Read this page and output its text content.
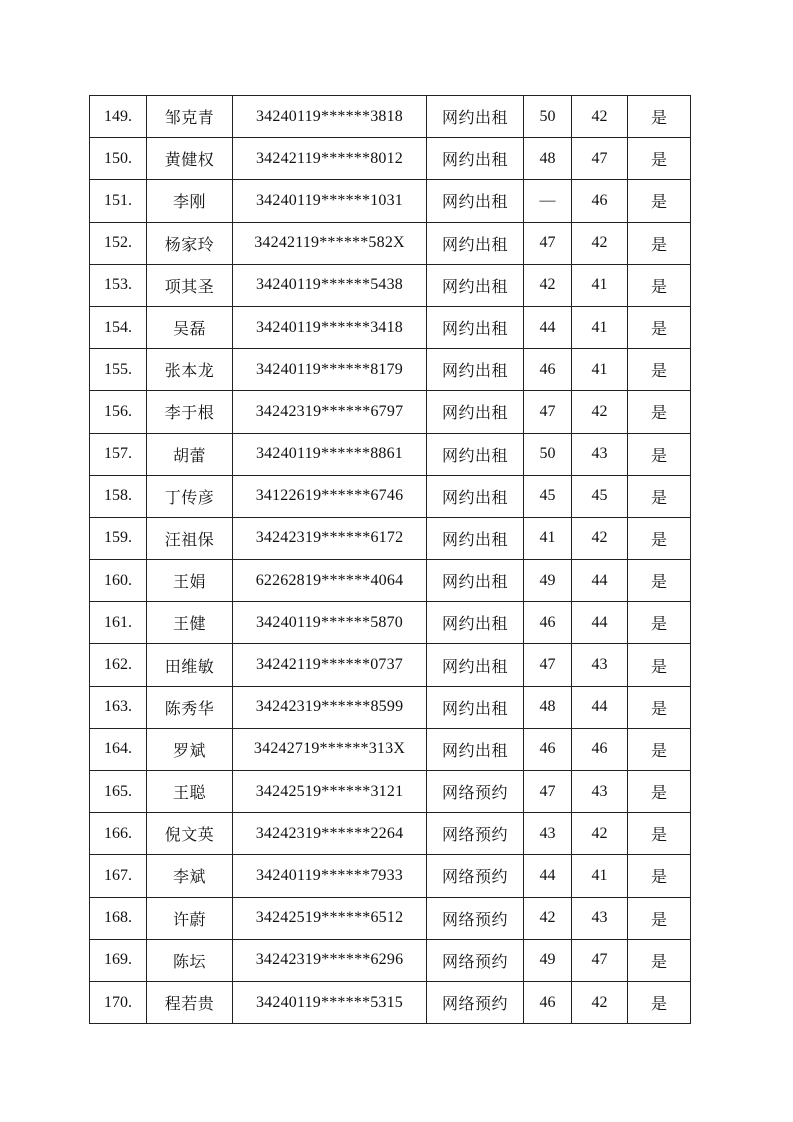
149.	邹克青	34240119******3818	网约出租	50	42	是
150.	黄健权	34242119******8012	网约出租	48	47	是
151.	李刚	34240119******1031	网约出租	—	46	是
152.	杨家玲	34242119******582X	网约出租	47	42	是
153.	项其圣	34240119******5438	网约出租	42	41	是
154.	吴磊	34240119******3418	网约出租	44	41	是
155.	张本龙	34240119******8179	网约出租	46	41	是
156.	李于根	34242319******6797	网约出租	47	42	是
157.	胡蕾	34240119******8861	网约出租	50	43	是
158.	丁传彦	34122619******6746	网约出租	45	45	是
159.	汪祖保	34242319******6172	网约出租	41	42	是
160.	王娟	62262819******4064	网约出租	49	44	是
161.	王健	34240119******5870	网约出租	46	44	是
162.	田维敏	34242119******0737	网约出租	47	43	是
163.	陈秀华	34242319******8599	网约出租	48	44	是
164.	罗斌	34242719******313X	网约出租	46	46	是
165.	王聪	34242519******3121	网络预约	47	43	是
166.	倪文英	34242319******2264	网络预约	43	42	是
167.	李斌	34240119******7933	网络预约	44	41	是
168.	许蔚	34242519******6512	网络预约	42	43	是
169.	陈坛	34242319******6296	网络预约	49	47	是
170.	程若贵	34240119******5315	网络预约	46	42	是
